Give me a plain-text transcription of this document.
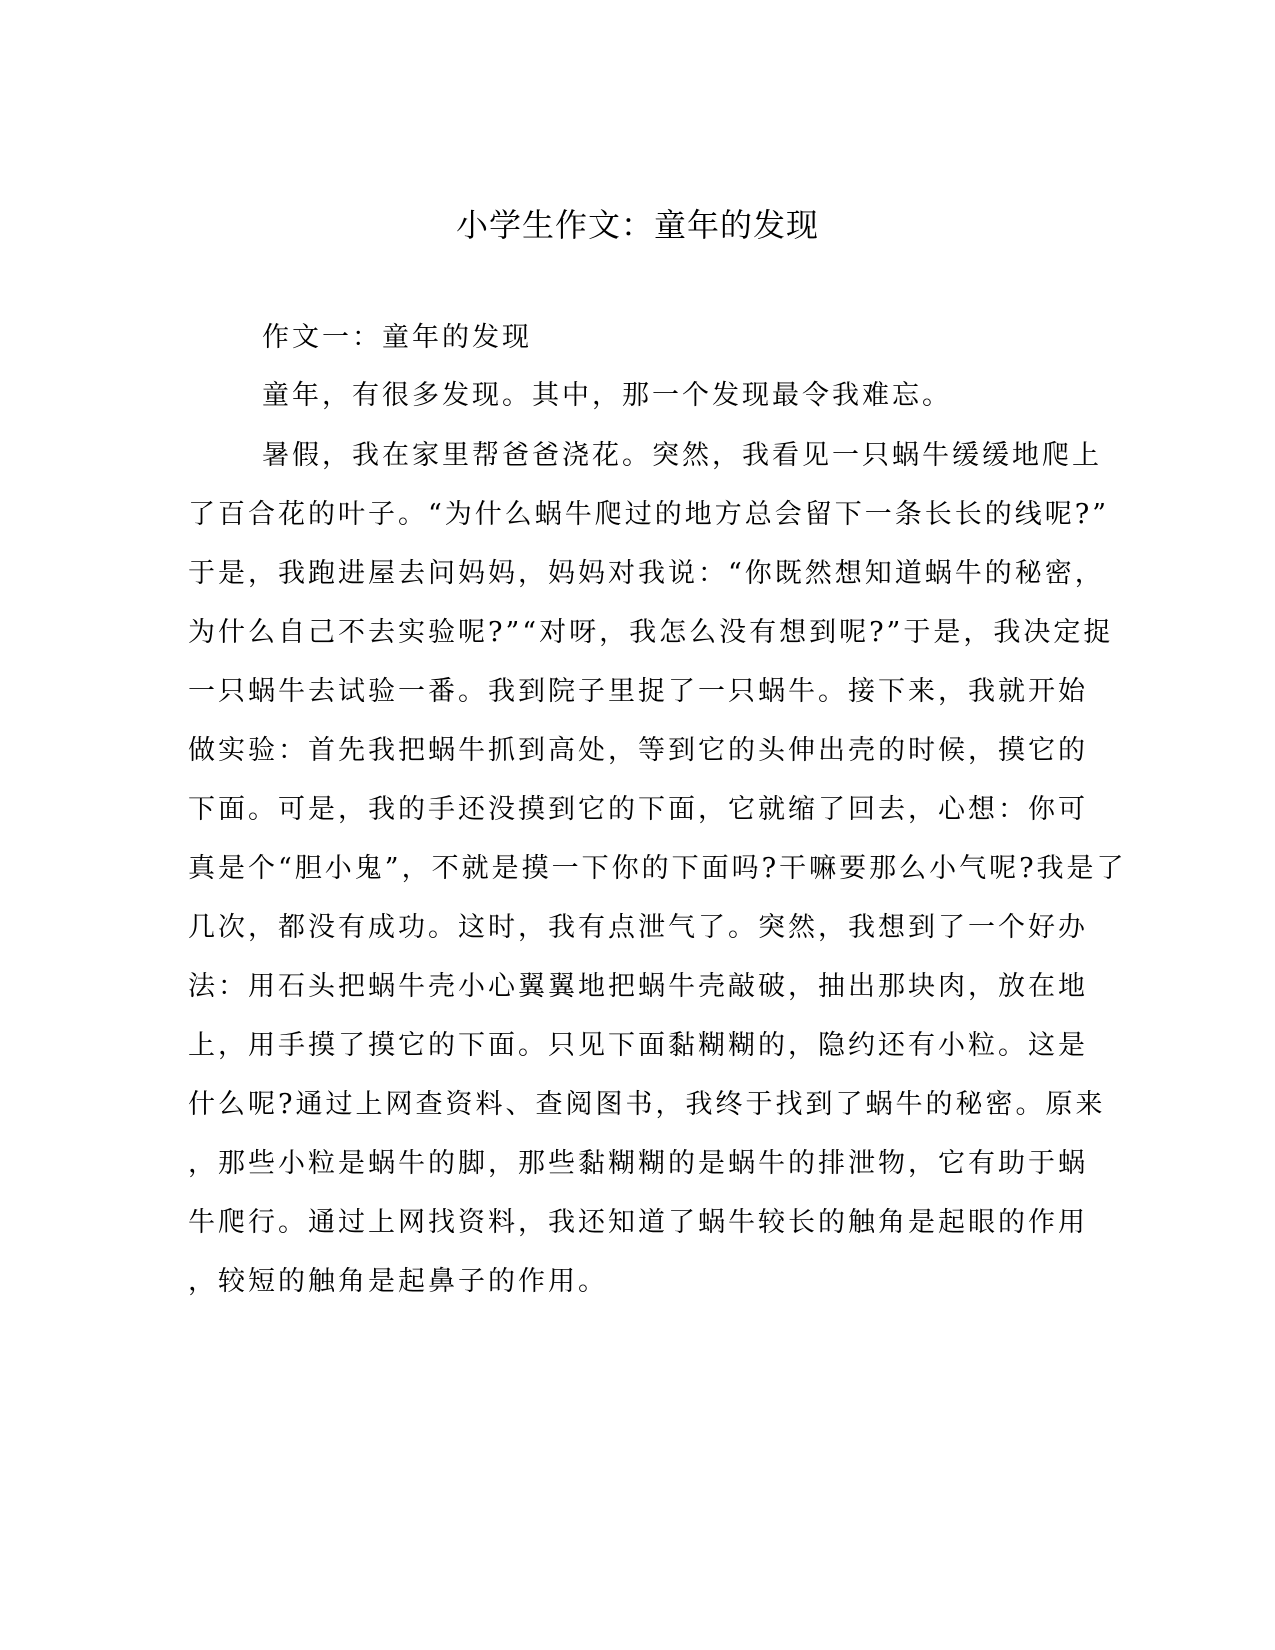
小学生作文：童年的发现
作文一：童年的发现
童年，有很多发现。其中，那一个发现最令我难忘。
暑假，我在家里帮爸爸浇花。突然，我看见一只蜗牛缓缓地爬上
了百合花的叶子。“为什么蜗牛爬过的地方总会留下一条长长的线呢?”
于是，我跑进屋去问妈妈，妈妈对我说：“你既然想知道蜗牛的秘密，
为什么自己不去实验呢?”“对呀，我怎么没有想到呢?”于是，我决定捉
一只蜗牛去试验一番。我到院子里捉了一只蜗牛。接下来，我就开始
做实验：首先我把蜗牛抓到高处，等到它的头伸出壳的时候，摸它的
下面。可是，我的手还没摸到它的下面，它就缩了回去，心想：你可
真是个“胆小鬼”，不就是摸一下你的下面吗?干嘛要那么小气呢?我是了
几次，都没有成功。这时，我有点泄气了。突然，我想到了一个好办
法：用石头把蜗牛壳小心翼翼地把蜗牛壳敲破，抽出那块肉，放在地
上，用手摸了摸它的下面。只见下面黏糊糊的，隐约还有小粒。这是
什么呢?通过上网查资料、查阅图书，我终于找到了蜗牛的秘密。原来
，那些小粒是蜗牛的脚，那些黏糊糊的是蜗牛的排泄物，它有助于蜗
牛爬行。通过上网找资料，我还知道了蜗牛较长的触角是起眼的作用
，较短的触角是起鼻子的作用。
